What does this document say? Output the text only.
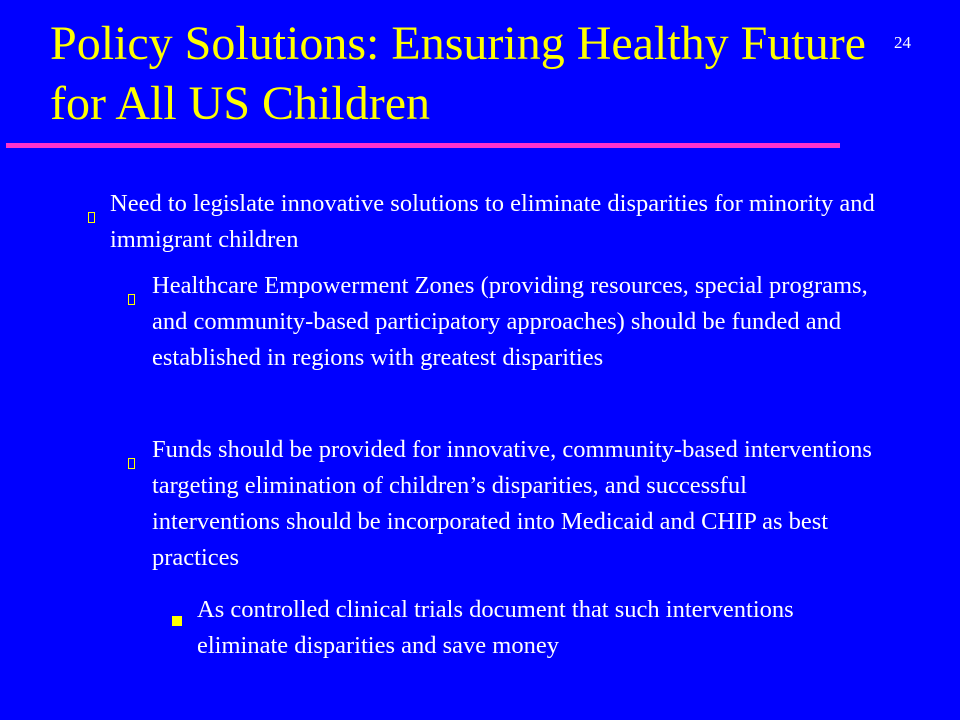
Policy Solutions: Ensuring Healthy Future for All US Children
24
Need to legislate innovative solutions to eliminate disparities for minority and immigrant children
Healthcare Empowerment Zones (providing resources, special programs, and community-based participatory approaches) should be funded and established in regions with greatest disparities
Funds should be provided for innovative, community-based interventions targeting elimination of children’s disparities, and successful interventions should be incorporated into Medicaid and CHIP as best practices
As controlled clinical trials document that such interventions eliminate disparities and save money
